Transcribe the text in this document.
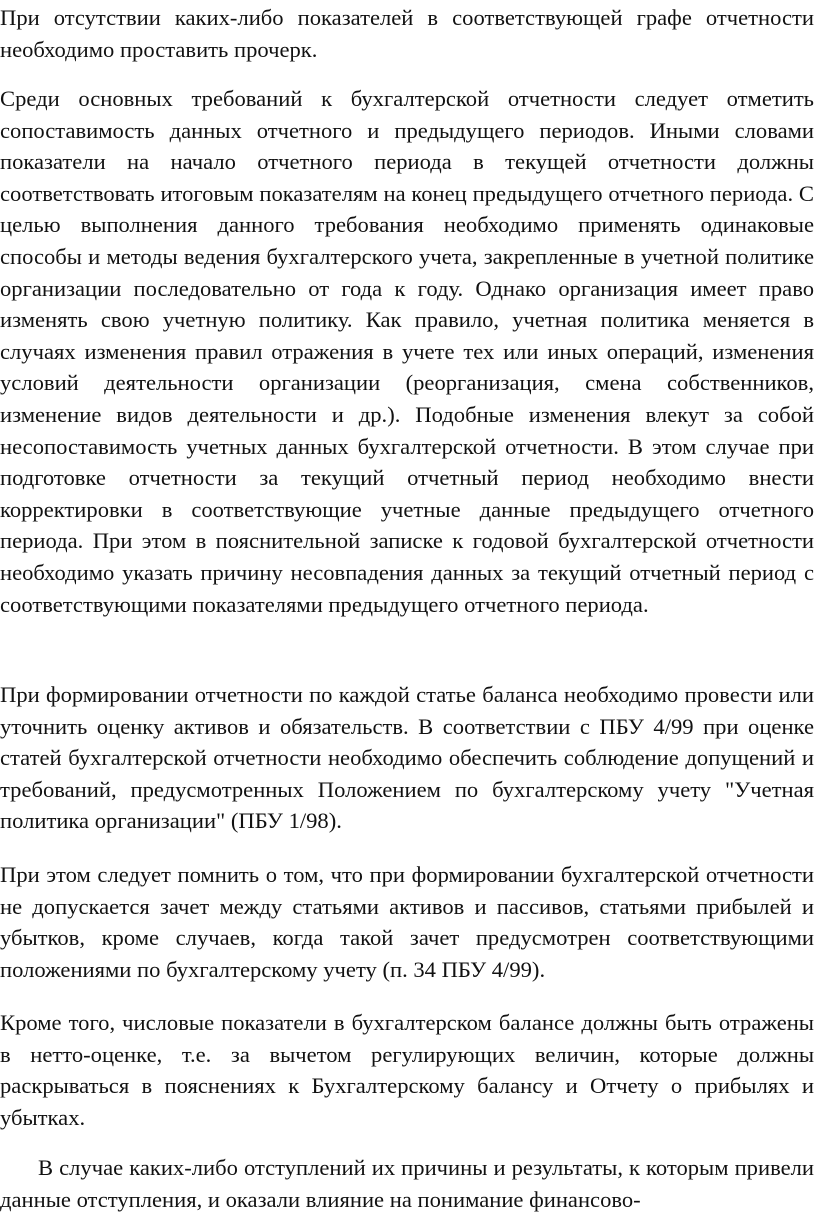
При отсутствии каких-либо показателей в соответствующей графе отчетности необходимо проставить прочерк.

Среди основных требований к бухгалтерской отчетности следует отметить сопоставимость данных отчетного и предыдущего периодов. Иными словами показатели на начало отчетного периода в текущей отчетности должны соответствовать итоговым показателям на конец предыдущего отчетного периода. С целью выполнения данного требования необходимо применять одинаковые способы и методы ведения бухгалтерского учета, закрепленные в учетной политике организации последовательно от года к году. Однако организация имеет право изменять свою учетную политику. Как правило, учетная политика меняется в случаях изменения правил отражения в учете тех или иных операций, изменения условий деятельности организации (реорганизация, смена собственников, изменение видов деятельности и др.). Подобные изменения влекут за собой несопоставимость учетных данных бухгалтерской отчетности. В этом случае при подготовке отчетности за текущий отчетный период необходимо внести корректировки в соответствующие учетные данные предыдущего отчетного периода. При этом в пояснительной записке к годовой бухгалтерской отчетности необходимо указать причину несовпадения данных за текущий отчетный период с соответствующими показателями предыдущего отчетного периода.

При формировании отчетности по каждой статье баланса необходимо провести или уточнить оценку активов и обязательств. В соответствии с ПБУ 4/99 при оценке статей бухгалтерской отчетности необходимо обеспечить соблюдение допущений и требований, предусмотренных Положением по бухгалтерскому учету "Учетная политика организации" (ПБУ 1/98).

При этом следует помнить о том, что при формировании бухгалтерской отчетности не допускается зачет между статьями активов и пассивов, статьями прибылей и убытков, кроме случаев, когда такой зачет предусмотрен соответствующими положениями по бухгалтерскому учету (п. 34 ПБУ 4/99).

Кроме того, числовые показатели в бухгалтерском балансе должны быть отражены в нетто-оценке, т.е. за вычетом регулирующих величин, которые должны раскрываться в пояснениях к Бухгалтерскому балансу и Отчету о прибылях и убытках.

В случае каких-либо отступлений их причины и результаты, к которым привели данные отступления, и оказали влияние на понимание финансово-
